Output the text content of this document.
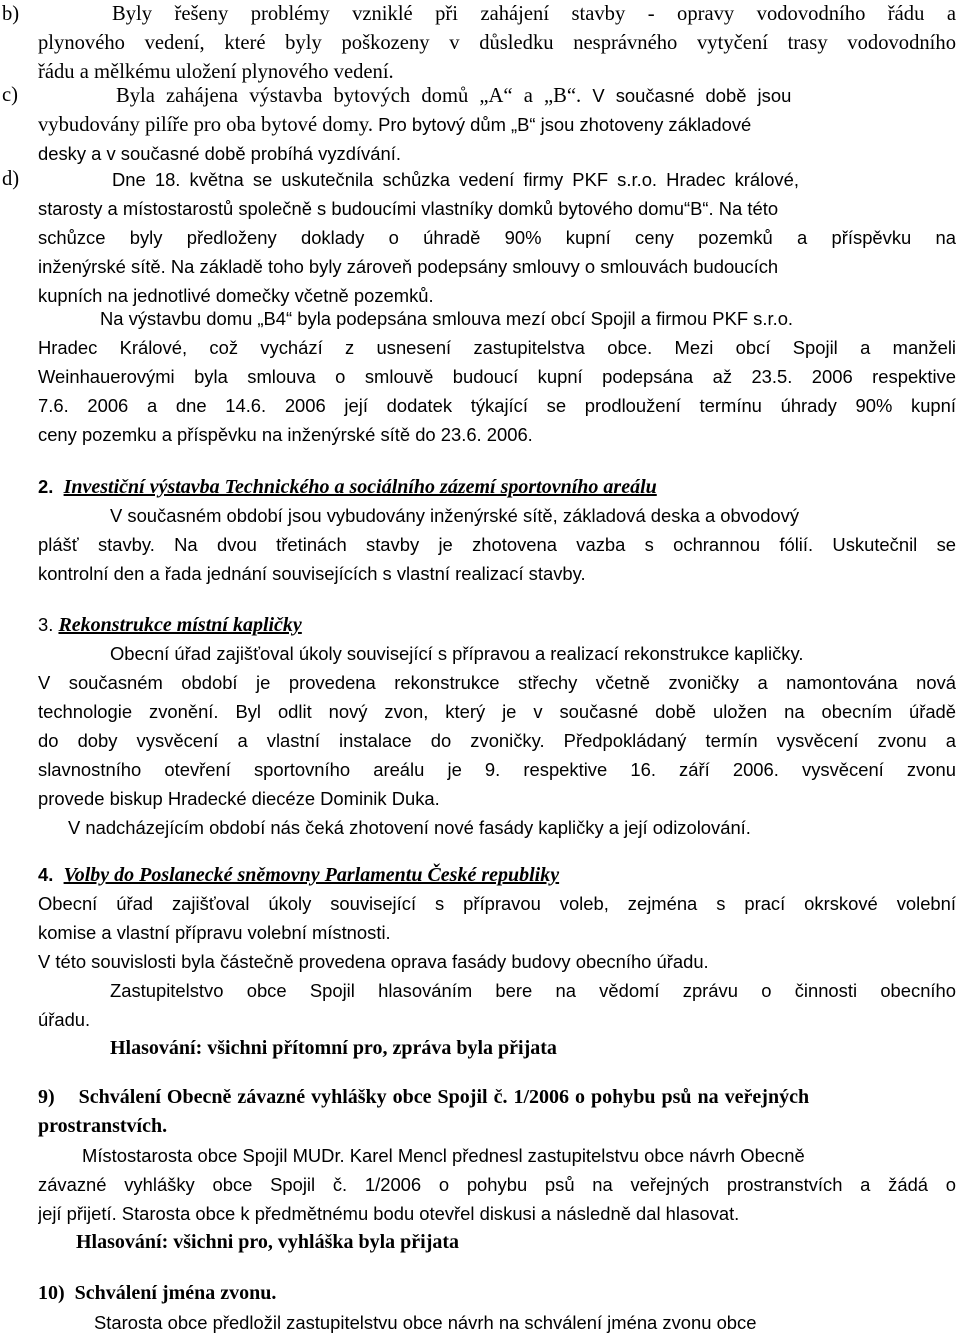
b)	Byly řešeny problémy vzniklé při zahájení stavby - opravy vodovodního řádu a
plynového vedení, které byly poškozeny v důsledku nesprávného vytyčení trasy vodovodního
řádu a mělkému uložení plynového vedení.
c)	Byla zahájena výstavba bytových domů „A“ a „B“. V současné době jsou
vybudovány pilíře pro oba bytové domy. Pro bytový dům „B“ jsou zhotoveny základové
desky a v současné době probíhá vyzdívání.
d)	Dne 18. května se uskutečnila schůzka vedení firmy PKF s.r.o. Hradec králové,
starosty a místostarostů společně s budoucími vlastníky domků bytového domu“B“. Na této
schůzce byly předloženy doklady o úhradě 90% kupní ceny pozemků a příspěvku na
inženýrské sítě. Na základě toho byly zároveň podepsány smlouvy o smlouvách budoucích
kupních na jednotlivé domečky včetně pozemků.
Na výstavbu domu „B4“ byla podepsána smlouva mezí obcí Spojil a firmou PKF s.r.o.
Hradec Králové, což vychází z usnesení zastupitelstva obce. Mezi obcí Spojil a manželi
Weinhauerovými byla smlouva o smlouvě budoucí kupní podepsána až 23.5. 2006 respektive
7.6. 2006 a dne 14.6. 2006 její dodatek týkající se prodloužení termínu úhrady 90% kupní
ceny pozemku a příspěvku na inženýrské sítě do 23.6. 2006.
2. Investiční výstavba Technického a sociálního zázemí sportovního areálu
V současném období jsou vybudovány inženýrské sítě, základová deska a obvodový
plášť stavby. Na dvou třetinách stavby je zhotovena vazba s ochrannou fólií. Uskutečnil se
kontrolní den a řada jednání souvisejících s vlastní realizací stavby.
3. Rekonstrukce místní kapličky
Obecní úřad zajišťoval úkoly související s přípravou a realizací rekonstrukce kapličky.
V současném období je provedena rekonstrukce střechy včetně zvoničky a namontována nová
technologie zvonění. Byl odlit nový zvon, který je v současné době uložen na obecním úřadě
do doby vysvěcení a vlastní instalace do zvoničky. Předpokládaný termín vysvěcení zvonu a
slavnostního otevření sportovního areálu je 9. respektive 16. září 2006. vysvěcení zvonu
provede biskup Hradecké diecéze Dominik Duka.
V nadcházejícím období nás čeká zhotovení nové fasády kapličky a její odizolování.
4. Volby do Poslanecké sněmovny Parlamentu České republiky
Obecní úřad zajišťoval úkoly související s přípravou voleb, zejména s prací okrskové volební
komise a vlastní přípravu volební místnosti.
V této souvislosti byla částečně provedena oprava fasády budovy obecního úřadu.
Zastupitelstvo obce Spojil hlasováním bere na vědomí zprávu o činnosti obecního
úřadu.
Hlasování: všichni přítomní pro, zpráva byla přijata
9) Schválení Obecně závazné vyhlášky obce Spojil č. 1/2006 o pohybu psů na veřejných
prostranstvích.
Místostarosta obce Spojil MUDr. Karel Mencl přednesl zastupitelstvu obce návrh Obecně
závazné vyhlášky obce Spojil č. 1/2006 o pohybu psů na veřejných prostranstvích a žádá o
její přijetí. Starosta obce k předmětnému bodu otevřel diskusi a následně dal hlasovat.
Hlasování: všichni pro, vyhláška byla přijata
10) Schválení jména zvonu.
Starosta obce předložil zastupitelstvu obce návrh na schválení jména zvonu obce
